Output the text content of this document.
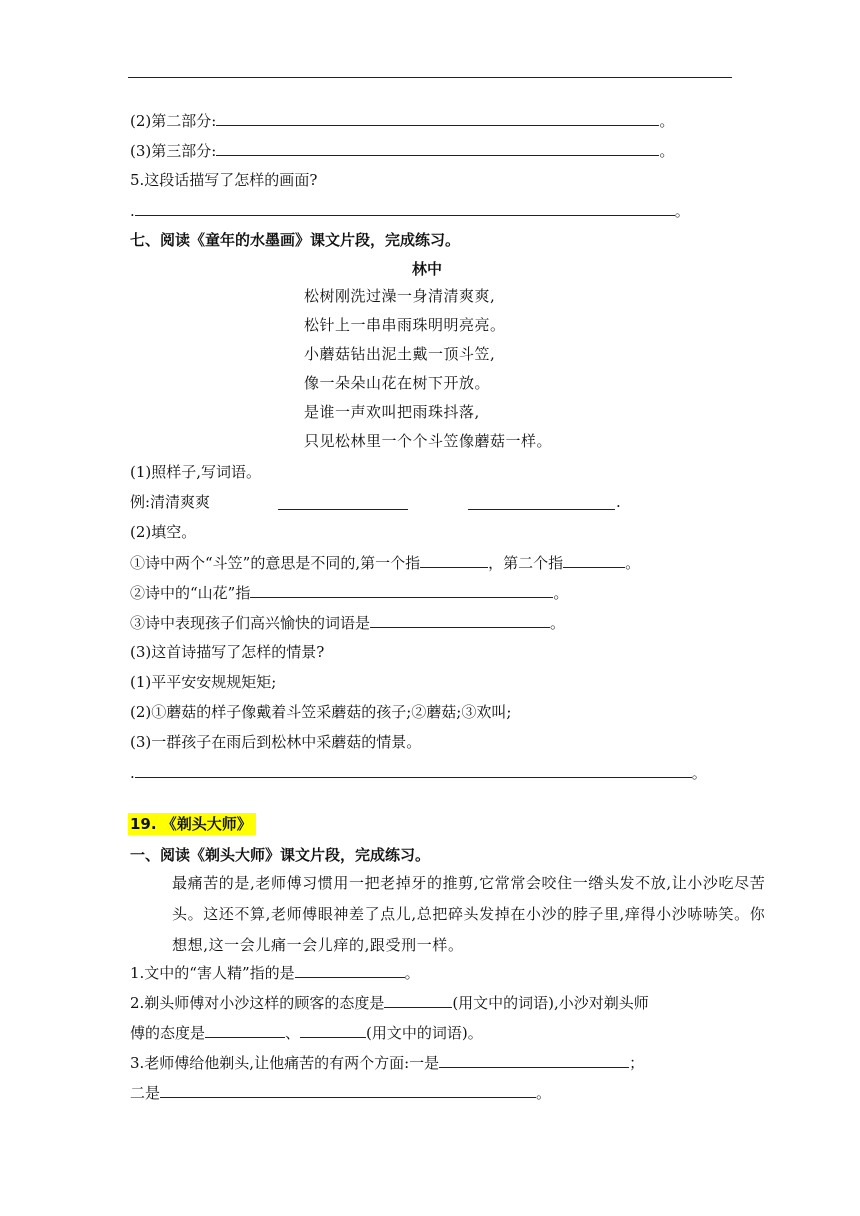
(2)第二部分:	。
(3)第三部分:	。
5.这段话描写了怎样的画面?
.	。
七、阅读《童年的水墨画》课文片段，完成练习。
林中
松树刚洗过澡一身清清爽爽,
松针上一串串雨珠明明亮亮。
小蘑菇钻出泥土戴一顶斗笠,
像一朵朵山花在树下开放。
是谁一声欢叫把雨珠抖落,
只见松林里一个个斗笠像蘑菇一样。
(1)照样子,写词语。
例:清清爽爽	.
(2)填空。
①诗中两个“斗笠”的意思是不同的,第一个指	，第二个指	。
②诗中的“山花”指	。
③诗中表现孩子们高兴愉快的词语是	。
(3)这首诗描写了怎样的情景?
(1)平平安安规规矩矩;
(2)①蘑菇的样子像戴着斗笠采蘑菇的孩子;②蘑菇;③欢叫;
(3)一群孩子在雨后到松林中采蘑菇的情景。
.	。
19. 《剃头大师》
一、阅读《剃头大师》课文片段，完成练习。
最痛苦的是,老师傅习惯用一把老掉牙的推剪,它常常会咬住一绺头发不放,让小沙吃尽苦头。这还不算,老师傅眼神差了点儿,总把碎头发掉在小沙的脖子里,痒得小沙哧哧笑。你想想,这一会儿痛一会儿痒的,跟受刑一样。
1.文中的“害人精”指的是	。
2.剃头师傅对小沙这样的顾客的态度是	(用文中的词语),小沙对剃头师
傅的态度是	、	(用文中的词语)。
3.老师傅给他剃头,让他痛苦的有两个方面:一是	；
二是	。
